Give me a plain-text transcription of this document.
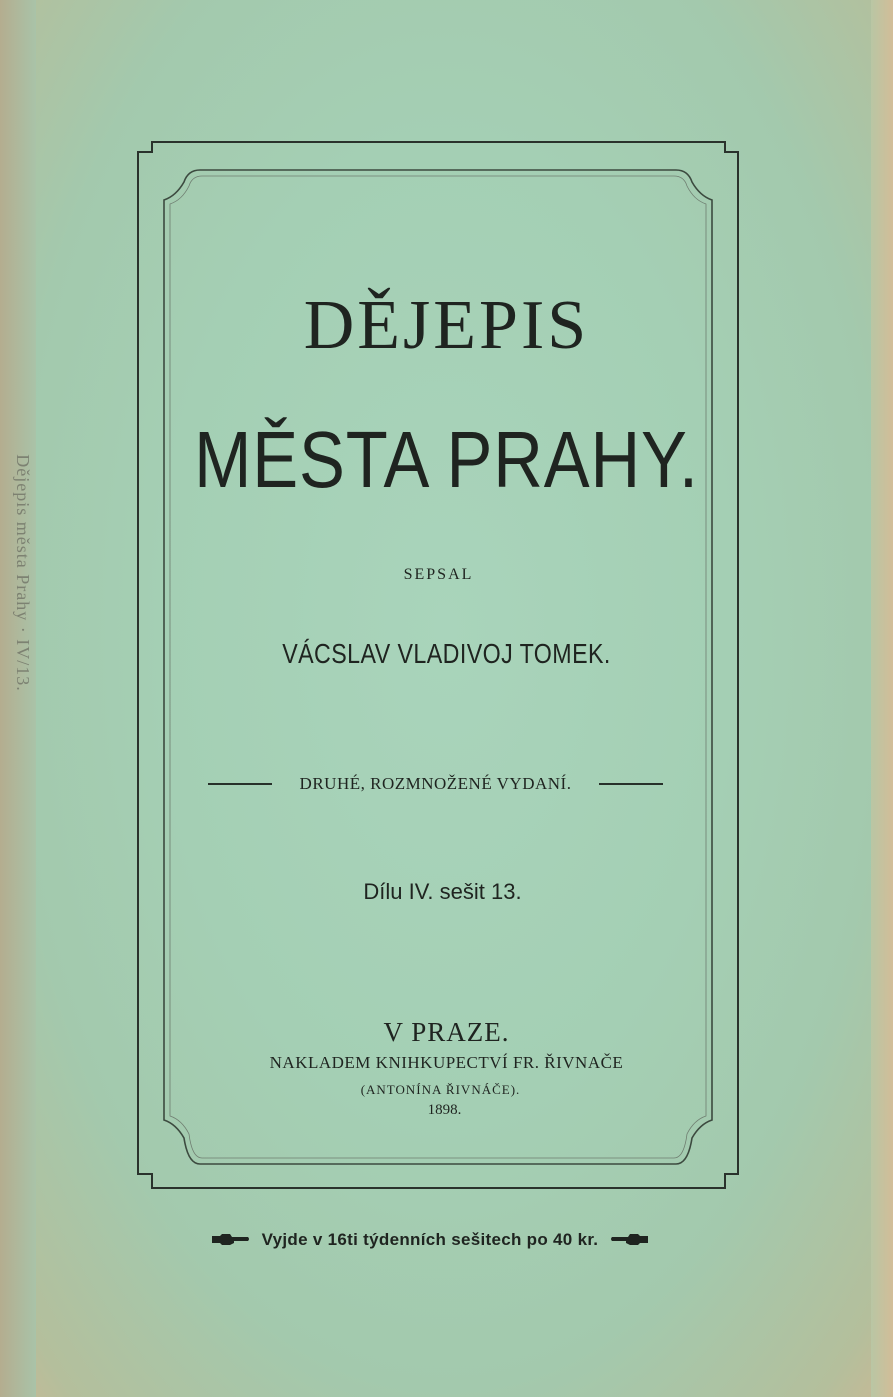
Dějepis města Prahy · IV/13.
DĚJEPIS
MĚSTA PRAHY.
SEPSAL
VÁCSLAV VLADIVOJ TOMEK.
DRUHÉ, ROZMNOŽENÉ VYDANÍ.
Dílu IV. sešit 13.
V PRAZE.
NAKLADEM KNIHKUPECTVÍ FR. ŘIVNAČE
(ANTONÍNA ŘIVNÁČE).
1898.
Vyjde v 16ti týdenních sešitech po 40 kr.
